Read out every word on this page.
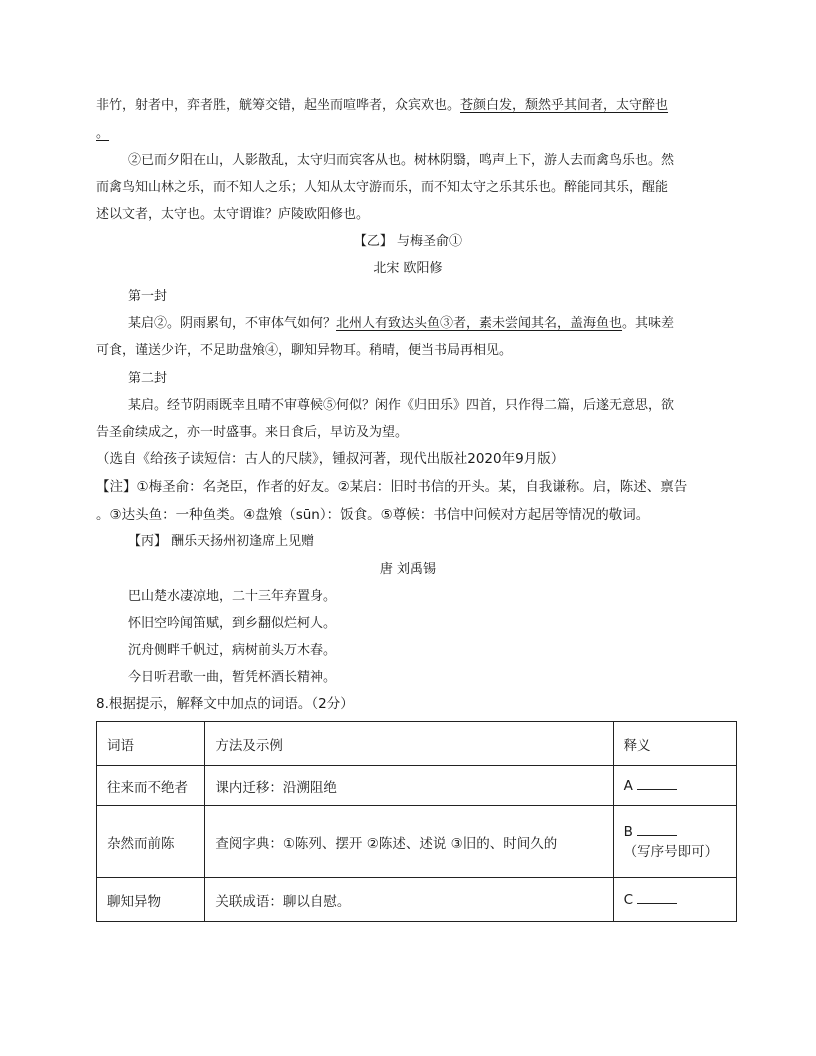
非竹，射者中，弈者胜，觥筹交错，起坐而喧哗者，众宾欢也。苍颜白发，颓然乎其间者，太守醉也
。
②已而夕阳在山，人影散乱，太守归而宾客从也。树林阴翳，鸣声上下，游人去而禽鸟乐也。然
而禽鸟知山林之乐，而不知人之乐；人知从太守游而乐，而不知太守之乐其乐也。醉能同其乐，醒能
述以文者，太守也。太守谓谁？庐陵欧阳修也。
【乙】 与梅圣俞①
北宋 欧阳修
第一封
某启②。阴雨累旬，不审体气如何？北州人有致达头鱼③者，素未尝闻其名，盖海鱼也。其味差
可食，谨送少许，不足助盘飧④，聊知异物耳。稍晴，便当书局再相见。
第二封
某启。经节阴雨既幸且晴不审尊候⑤何似？闲作《归田乐》四首，只作得二篇，后遂无意思，欲
告圣俞续成之，亦一时盛事。来日食后，早访及为望。
（选自《给孩子读短信：古人的尺牍》，锺叔河著，现代出版社2020年9月版）
【注】①梅圣俞：名尧臣，作者的好友。②某启：旧时书信的开头。某，自我谦称。启，陈述、禀告
。③达头鱼：一种鱼类。④盘飧（sūn）：饭食。⑤尊候：书信中问候对方起居等情况的敬词。
【丙】 酬乐天扬州初逢席上见赠
唐 刘禹锡
巴山楚水凄凉地，二十三年弃置身。
怀旧空吟闻笛赋，到乡翻似烂柯人。
沉舟侧畔千帆过，病树前头万木春。
今日听君歌一曲，暂凭杯酒长精神。
8.根据提示，解释文中加点的词语。（2分）
词语	方法及示例	释义
往来而不绝者	课内迁移：沿溯阻绝	A
杂然而前陈	查阅字典：①陈列、摆开 ②陈述、述说 ③旧的、时间久的	B
（写序号即可）
聊知异物	关联成语：聊以自慰。	C
